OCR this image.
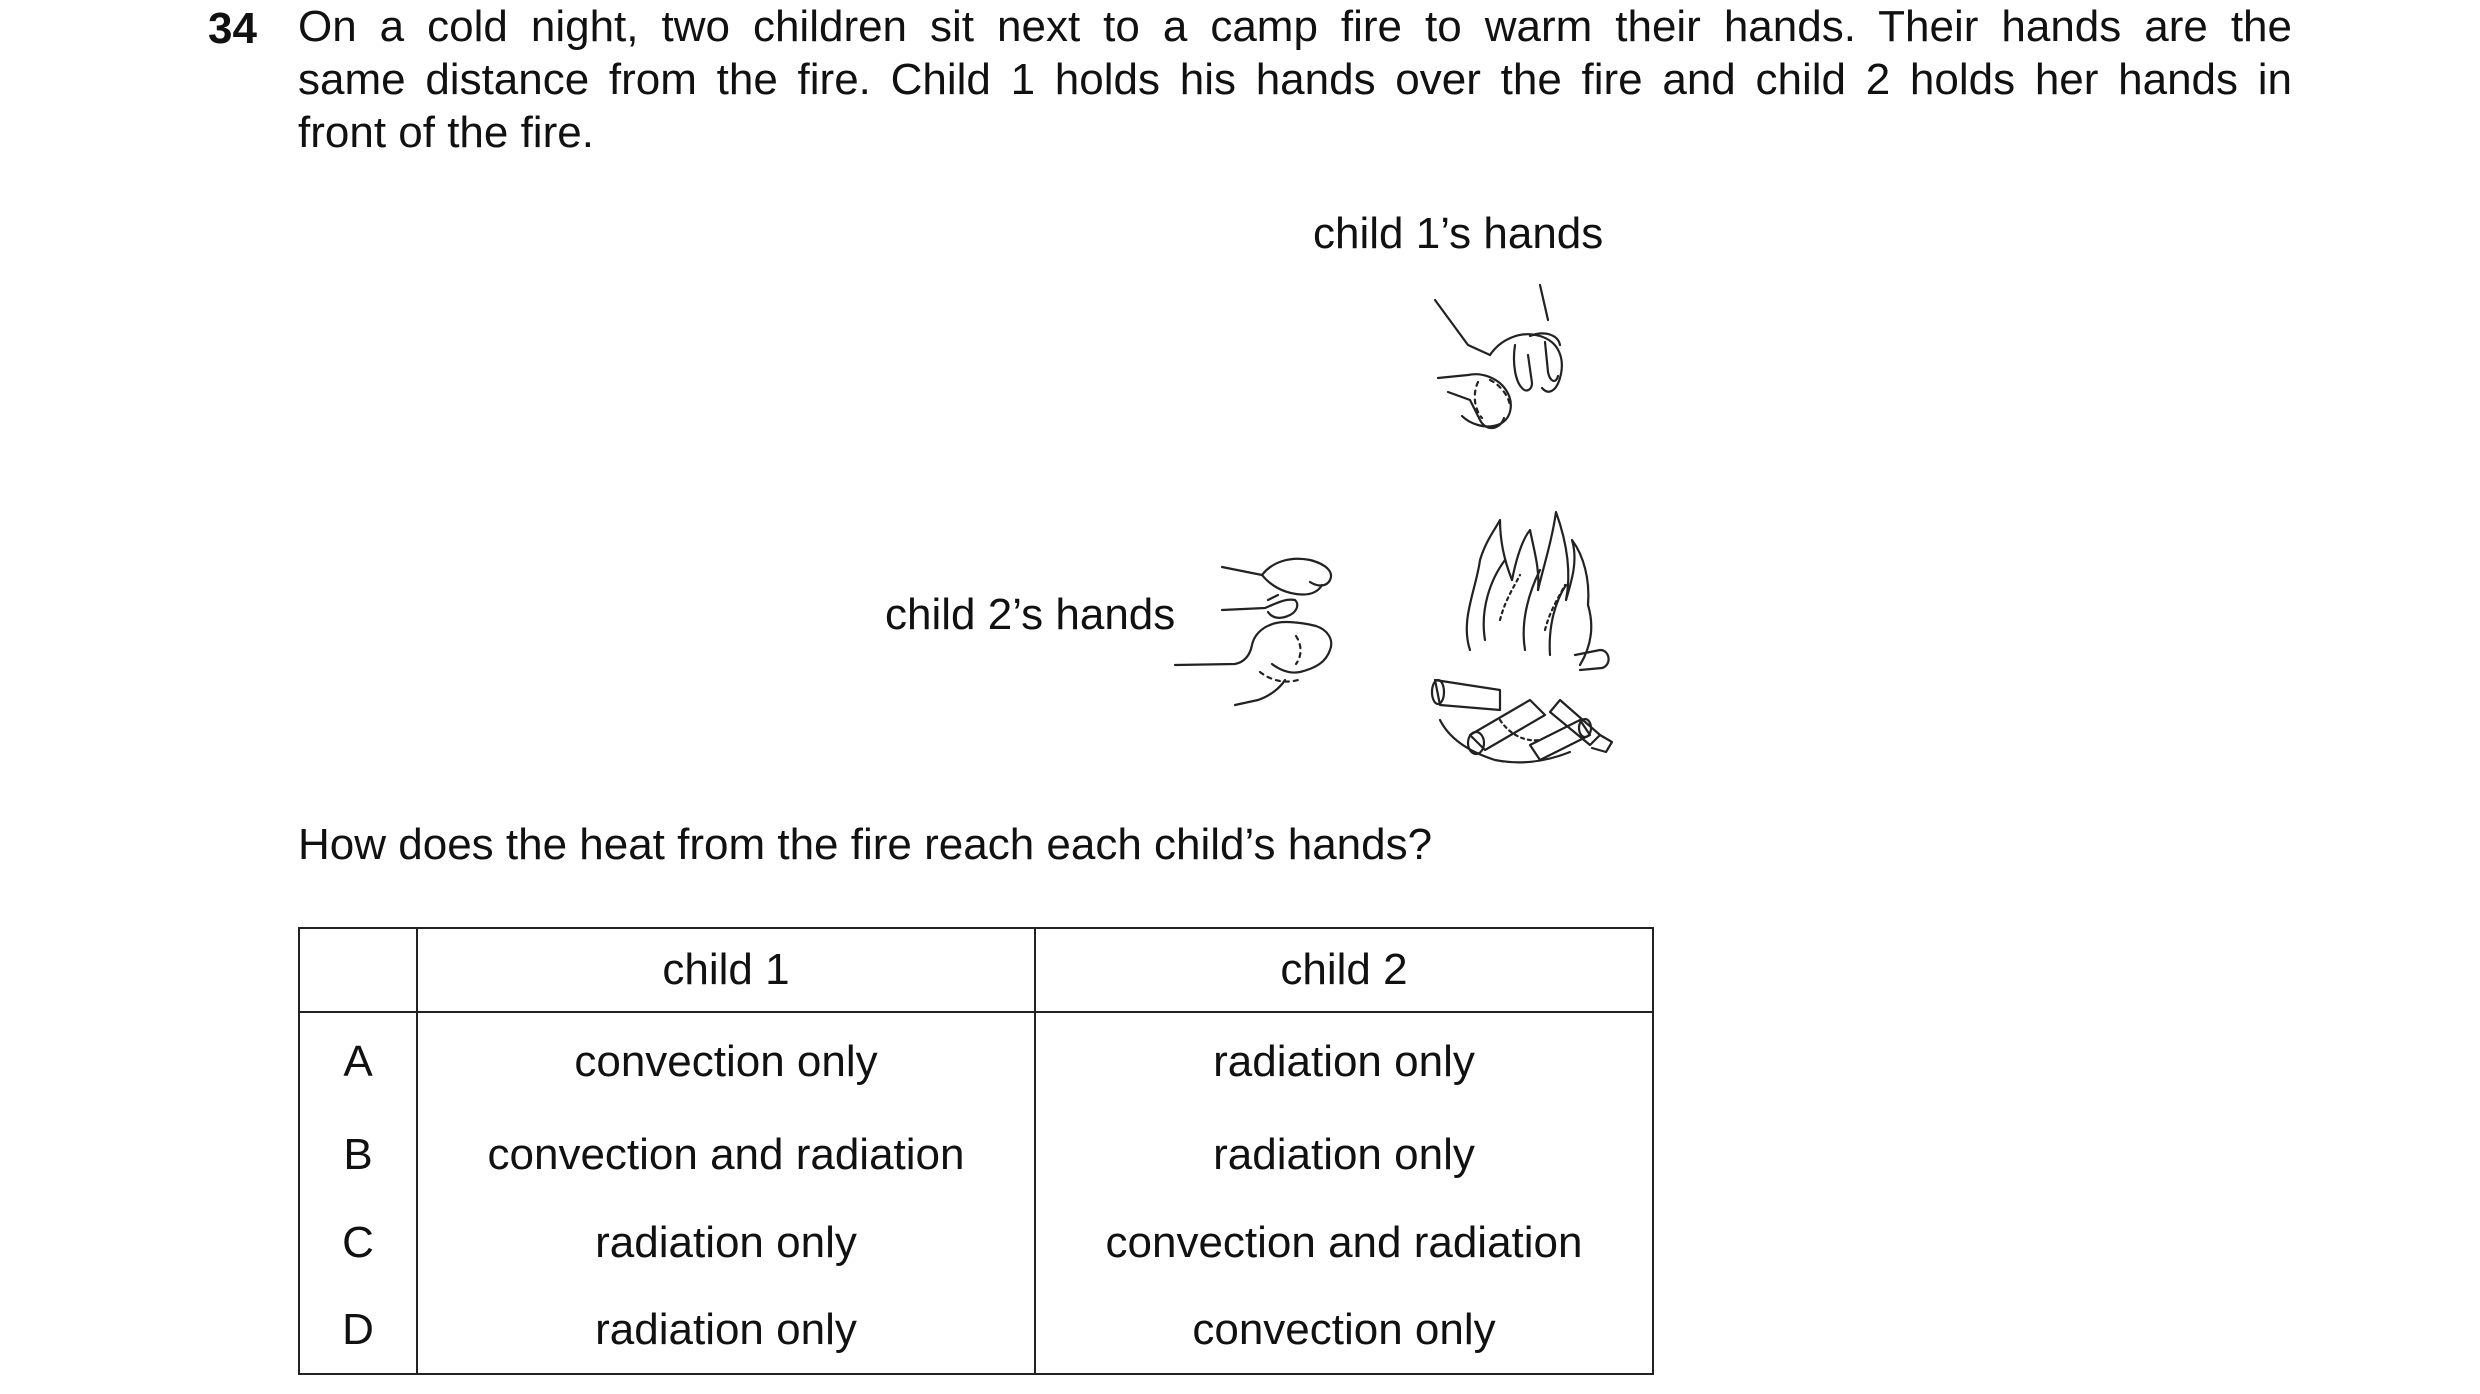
34 On a cold night, two children sit next to a camp fire to warm their hands. Their hands are the
same distance from the fire. Child 1 holds his hands over the fire and child 2 holds her hands in
front of the fire.
child 1’s hands
child 2’s hands
How does the heat from the fire reach each child’s hands?
	child 1	child 2
A	convection only	radiation only
B	convection and radiation	radiation only
C	radiation only	convection and radiation
D	radiation only	convection only
